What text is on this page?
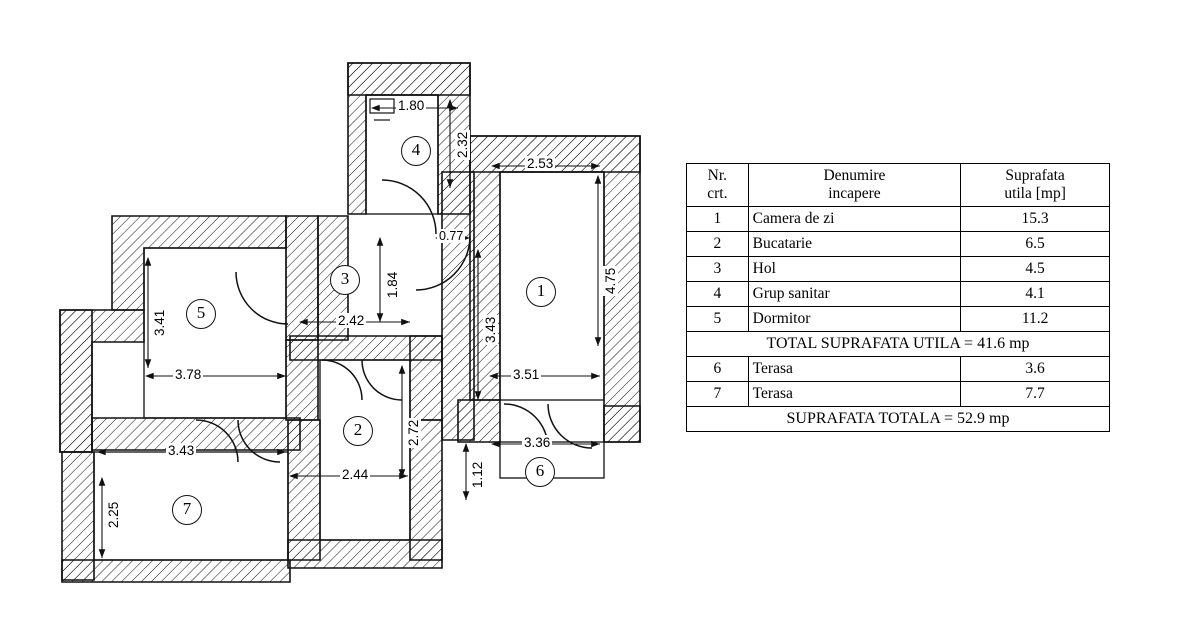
1
2
3
4
5
6
7
1.80
2.32
2.53
4.75
0.77
1.84
3.41	2.42	3.43
3.78	3.51
2.72
3.43
2.44	1.12
3.36
2.25
Nr.
crt.

Denumire
incapere

Suprafata
utila [mp]

1	Camera de zi	15.3
2	Bucatarie	6.5
3	Hol	4.5
4	Grup sanitar	4.1
5	Dormitor	11.2
TOTAL SUPRAFATA UTILA = 41.6 mp		
6	Terasa	3.6
7	Terasa	7.7
SUPRAFATA TOTALA = 52.9 mp		
